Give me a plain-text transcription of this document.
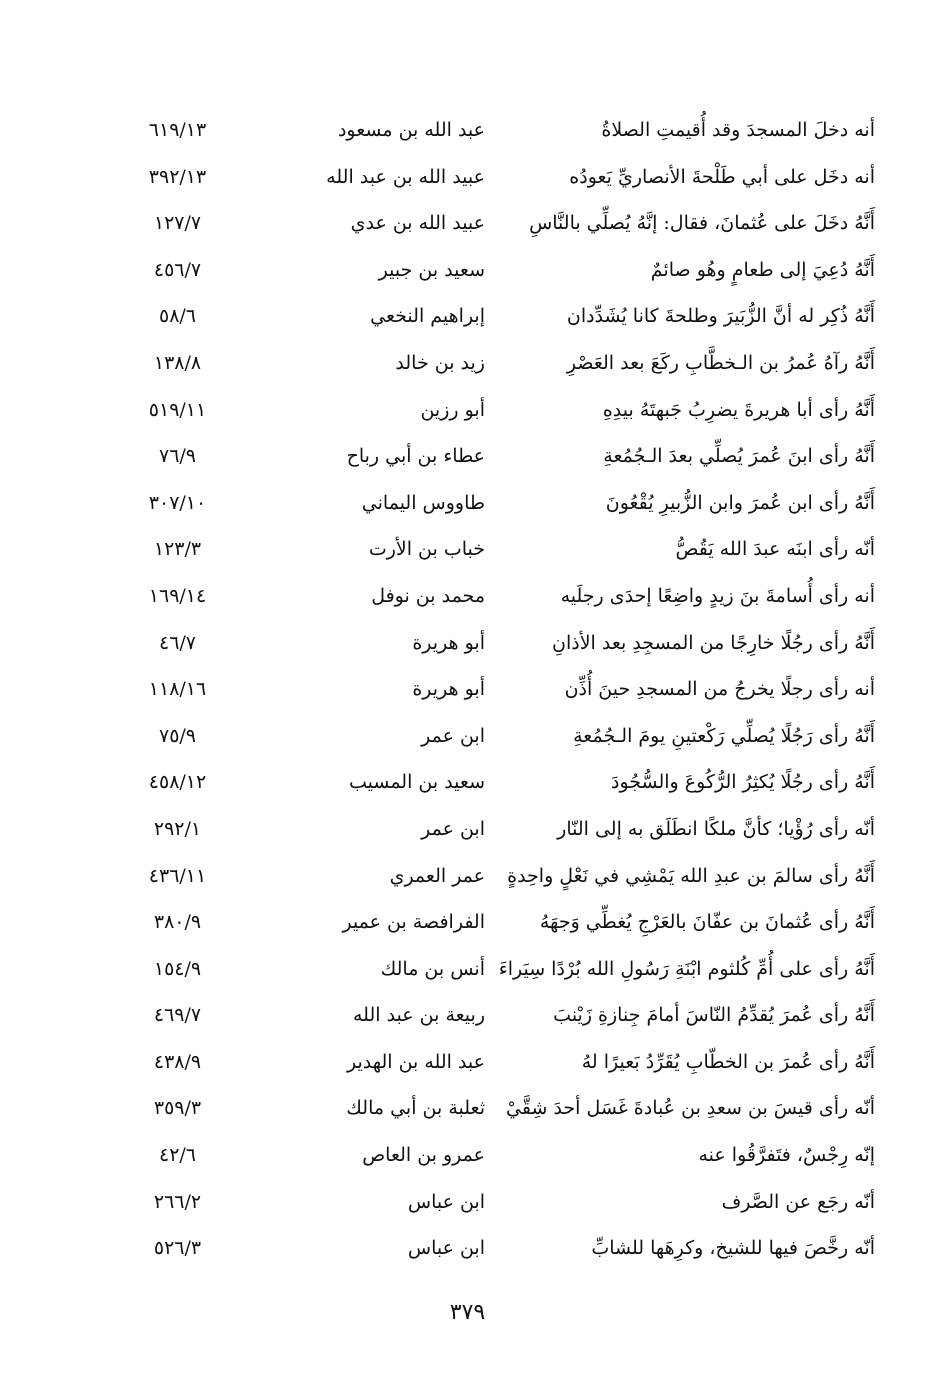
أنه دخلَ المسجدَ وقد أُقيمتِ الصلاةُ
عبد الله بن مسعود
٦١٩/١٣
أنه دخَل على أبي طَلْحةَ الأنصاريِّ يَعودُه
عبيد الله بن عبد الله
٣٩٢/١٣
أَنَّهُ دخَلَ على عُثمانَ، فقال: إنَّهُ يُصلِّي بالنَّاسِ
عبيد الله بن عدي
١٢٧/٧
أَنَّهُ دُعِيَ إلى طعامٍ وهُو صائمٌ
سعيد بن جبير
٤٥٦/٧
أَنَّهُ ذُكِر له أنَّ الزُّبَيرَ وطلحةَ كانا يُشَدِّدان
إبراهيم النخعي
٥٨/٦
أَنَّهُ رآهُ عُمرُ بن الـخطَّابِ ركَعَ بعد العَصْرِ
زيد بن خالد
١٣٨/٨
أَنَّهُ رأى أبا هريرةَ يضرِبُ جَبهتَهُ بيدِهِ
أبو رزين
٥١٩/١١
أَنَّهُ رأى ابنَ عُمرَ يُصلِّي بعدَ الـجُمُعةِ
عطاء بن أبي رباح
٧٦/٩
أَنَّهُ رأى ابن عُمرَ وابن الزُّبيرِ يُقْعُونَ
طاووس اليماني
٣٠٧/١٠
أنّه رأى ابنَه عبدَ الله يَقُصُّ
خباب بن الأرت
١٢٣/٣
أنه رأى أُسامةَ بنَ زيدٍ واضِعًا إحدَى رجلَيه
محمد بن نوفل
١٦٩/١٤
أَنَّهُ رأى رجُلًا خارِجًا من المسجِدِ بعد الأذانِ
أبو هريرة
٤٦/٧
أنه رأى رجلًا يخرجُ من المسجدِ حينَ أُذِّن
أبو هريرة
١١٨/١٦
أَنَّهُ رأى رَجُلًا يُصلِّي رَكْعتينِ يومَ الـجُمُعةِ
ابن عمر
٧٥/٩
أَنَّهُ رأى رجُلًا يُكثِرُ الرُّكُوعَ والسُّجُودَ
سعيد بن المسيب
٤٥٨/١٢
أنّه رأى رُؤْيا؛ كأنَّ ملكًا انطَلَق به إلى النّار
ابن عمر
٢٩٢/١
أَنَّهُ رأى سالمَ بن عبدِ الله يَمْشِي في نَعْلٍ واحِدةٍ
عمر العمري
٤٣٦/١١
أَنَّهُ رأى عُثمانَ بن عفّانَ بالعَرْجِ يُغطِّي وَجهَهُ
الفرافصة بن عمير
٣٨٠/٩
أَنَّهُ رأى على أُمِّ كُلثوم ابْنَةِ رَسُولِ الله بُرْدًا سِيَراءَ
أنس بن مالك
١٥٤/٩
أَنَّهُ رأى عُمرَ يُقدِّمُ النّاسَ أمامَ جِنازةِ زَيْنبَ
ربيعة بن عبد الله
٤٦٩/٧
أَنَّهُ رأى عُمرَ بن الخطّابِ يُقَرِّدُ بَعيرًا لهُ
عبد الله بن الهدير
٤٣٨/٩
أنّه رأى قيسَ بن سعدِ بن عُبادةَ غَسَل أحدَ شِقَّيْ
ثعلبة بن أبي مالك
٣٥٩/٣
إنّه رِجْسٌ، فتَفرَّقُوا عنه
عمرو بن العاص
٤٢/٦
أنّه رجَع عن الصَّرف
ابن عباس
٢٦٦/٢
أنّه رخَّصَ فيها للشيخ، وكرِهَها للشابِّ
ابن عباس
٥٢٦/٣
٣٧٩
